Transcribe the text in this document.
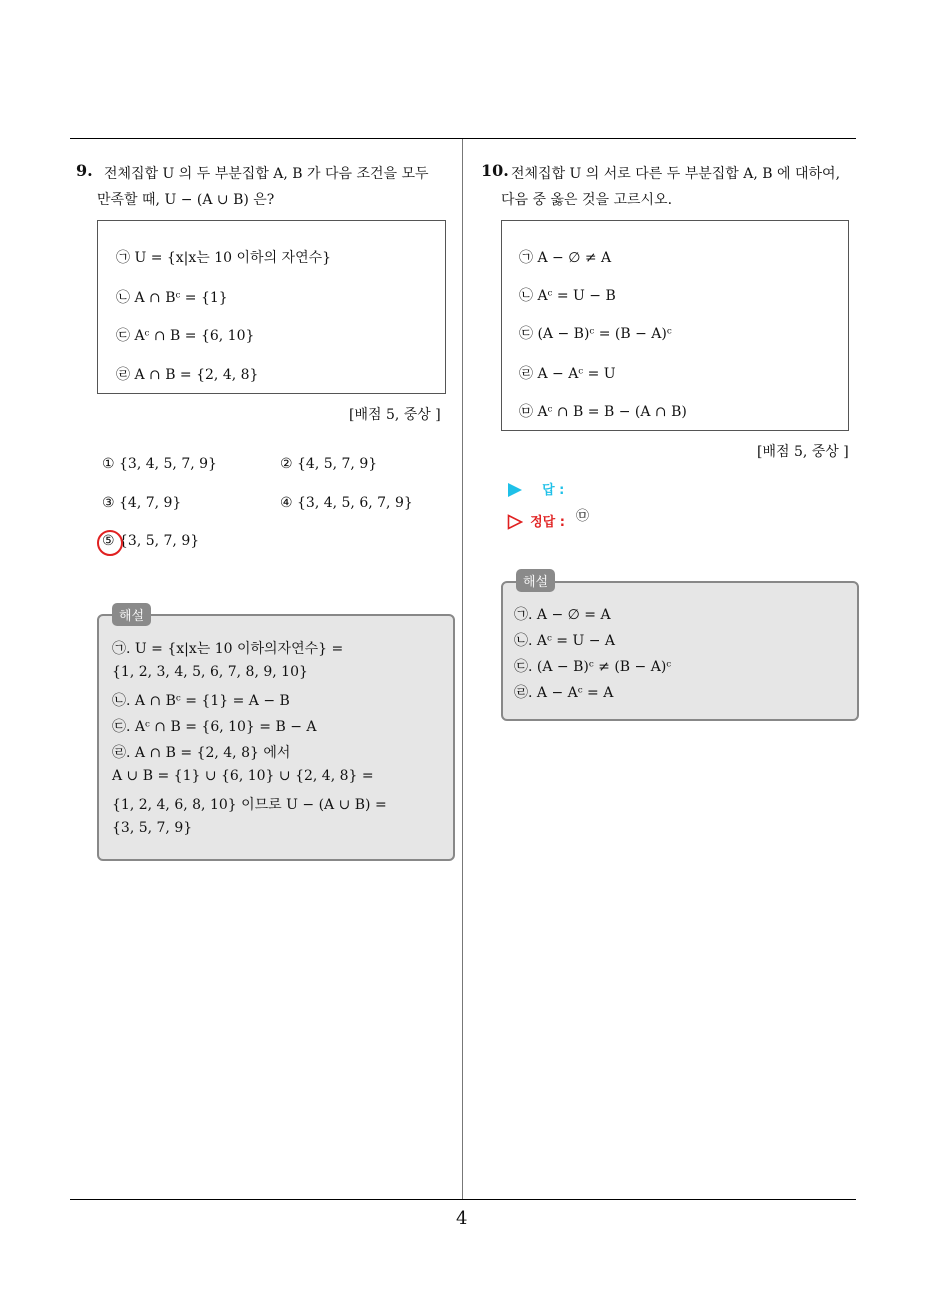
9. 전체집합 U 의 두 부분집합 A, B 가 다음 조건을 모두
만족할 때, U − (A ∪ B) 은?
㉠ U = {x|x는 10 이하의 자연수}
㉡ A ∩ Bᶜ = {1}
㉢ Aᶜ ∩ B = {6, 10}
㉣ A ∩ B = {2, 4, 8}
[배점 5, 중상 ]
① {3, 4, 5, 7, 9}	② {4, 5, 7, 9}
③ {4, 7, 9}	④ {3, 4, 5, 6, 7, 9}
⑤ {3, 5, 7, 9}
㉠. U = {x|x는 10 이하의자연수} =
{1, 2, 3, 4, 5, 6, 7, 8, 9, 10}
㉡. A ∩ Bᶜ = {1} = A − B
㉢. Aᶜ ∩ B = {6, 10} = B − A
㉣. A ∩ B = {2, 4, 8} 에서
A ∪ B = {1} ∪ {6, 10} ∪ {2, 4, 8} =
{1, 2, 4, 6, 8, 10} 이므로 U − (A ∪ B) =
{3, 5, 7, 9}
해설
10. 전체집합 U 의 서로 다른 두 부분집합 A, B 에 대하여,
다음 중 옳은 것을 고르시오.
㉠ A − ∅ ≠ A
㉡ Aᶜ = U − B
㉢ (A − B)ᶜ = (B − A)ᶜ
㉣ A − Aᶜ = U
㉤ Aᶜ ∩ B = B − (A ∩ B)
[배점 5, 중상 ]
답 :
정답 : ㉤
㉠. A − ∅ = A
㉡. Aᶜ = U − A
㉢. (A − B)ᶜ ≠ (B − A)ᶜ
㉣. A − Aᶜ = A
해설
4
